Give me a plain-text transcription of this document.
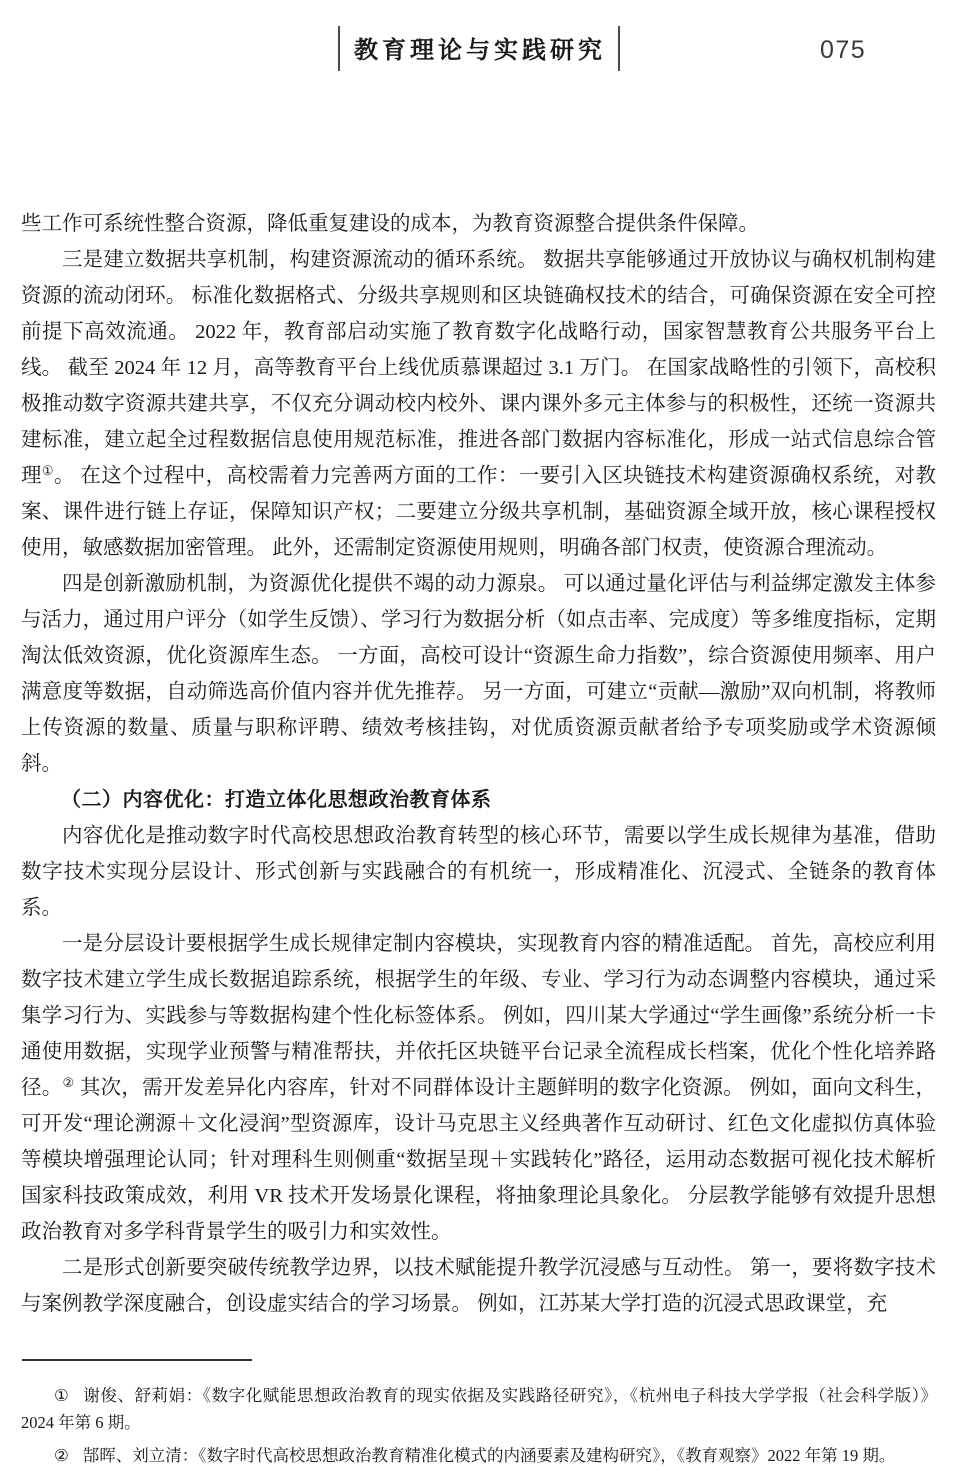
教育理论与实践研究	075

些工作可系统性整合资源，降低重复建设的成本，为教育资源整合提供条件保障。

三是建立数据共享机制，构建资源流动的循环系统。 数据共享能够通过开放协议与确权机制构建资源的流动闭环。 标准化数据格式、分级共享规则和区块链确权技术的结合，可确保资源在安全可控前提下高效流通。 2022 年，教育部启动实施了教育数字化战略行动，国家智慧教育公共服务平台上线。 截至 2024 年 12 月，高等教育平台上线优质慕课超过 3.1 万门。 在国家战略性的引领下，高校积极推动数字资源共建共享，不仅充分调动校内校外、课内课外多元主体参与的积极性，还统一资源共建标准，建立起全过程数据信息使用规范标准，推进各部门数据内容标准化，形成一站式信息综合管理①。 在这个过程中，高校需着力完善两方面的工作：一要引入区块链技术构建资源确权系统，对教案、课件进行链上存证，保障知识产权；二要建立分级共享机制，基础资源全域开放，核心课程授权使用，敏感数据加密管理。 此外，还需制定资源使用规则，明确各部门权责，使资源合理流动。

四是创新激励机制，为资源优化提供不竭的动力源泉。 可以通过量化评估与利益绑定激发主体参与活力，通过用户评分（如学生反馈）、学习行为数据分析（如点击率、完成度）等多维度指标，定期淘汰低效资源，优化资源库生态。 一方面，高校可设计“资源生命力指数”，综合资源使用频率、用户满意度等数据，自动筛选高价值内容并优先推荐。 另一方面，可建立“贡献—激励”双向机制，将教师上传资源的数量、质量与职称评聘、绩效考核挂钩，对优质资源贡献者给予专项奖励或学术资源倾斜。

（二）内容优化：打造立体化思想政治教育体系

内容优化是推动数字时代高校思想政治教育转型的核心环节，需要以学生成长规律为基准，借助数字技术实现分层设计、形式创新与实践融合的有机统一，形成精准化、沉浸式、全链条的教育体系。

一是分层设计要根据学生成长规律定制内容模块，实现教育内容的精准适配。 首先，高校应利用数字技术建立学生成长数据追踪系统，根据学生的年级、专业、学习行为动态调整内容模块，通过采集学习行为、实践参与等数据构建个性化标签体系。 例如，四川某大学通过“学生画像”系统分析一卡通使用数据，实现学业预警与精准帮扶，并依托区块链平台记录全流程成长档案，优化个性化培养路径。② 其次，需开发差异化内容库，针对不同群体设计主题鲜明的数字化资源。 例如，面向文科生，可开发“理论溯源＋文化浸润”型资源库，设计马克思主义经典著作互动研讨、红色文化虚拟仿真体验等模块增强理论认同；针对理科生则侧重“数据呈现＋实践转化”路径，运用动态数据可视化技术解析国家科技政策成效，利用 VR 技术开发场景化课程，将抽象理论具象化。 分层教学能够有效提升思想政治教育对多学科背景学生的吸引力和实效性。

二是形式创新要突破传统教学边界，以技术赋能提升教学沉浸感与互动性。 第一，要将数字技术与案例教学深度融合，创设虚实结合的学习场景。 例如，江苏某大学打造的沉浸式思政课堂，充

① 谢俊、舒莉娟：《数字化赋能思想政治教育的现实依据及实践路径研究》，《杭州电子科技大学学报（社会科学版）》2024 年第 6 期。

② 郜晖、刘立清：《数字时代高校思想政治教育精准化模式的内涵要素及建构研究》，《教育观察》2022 年第 19 期。
